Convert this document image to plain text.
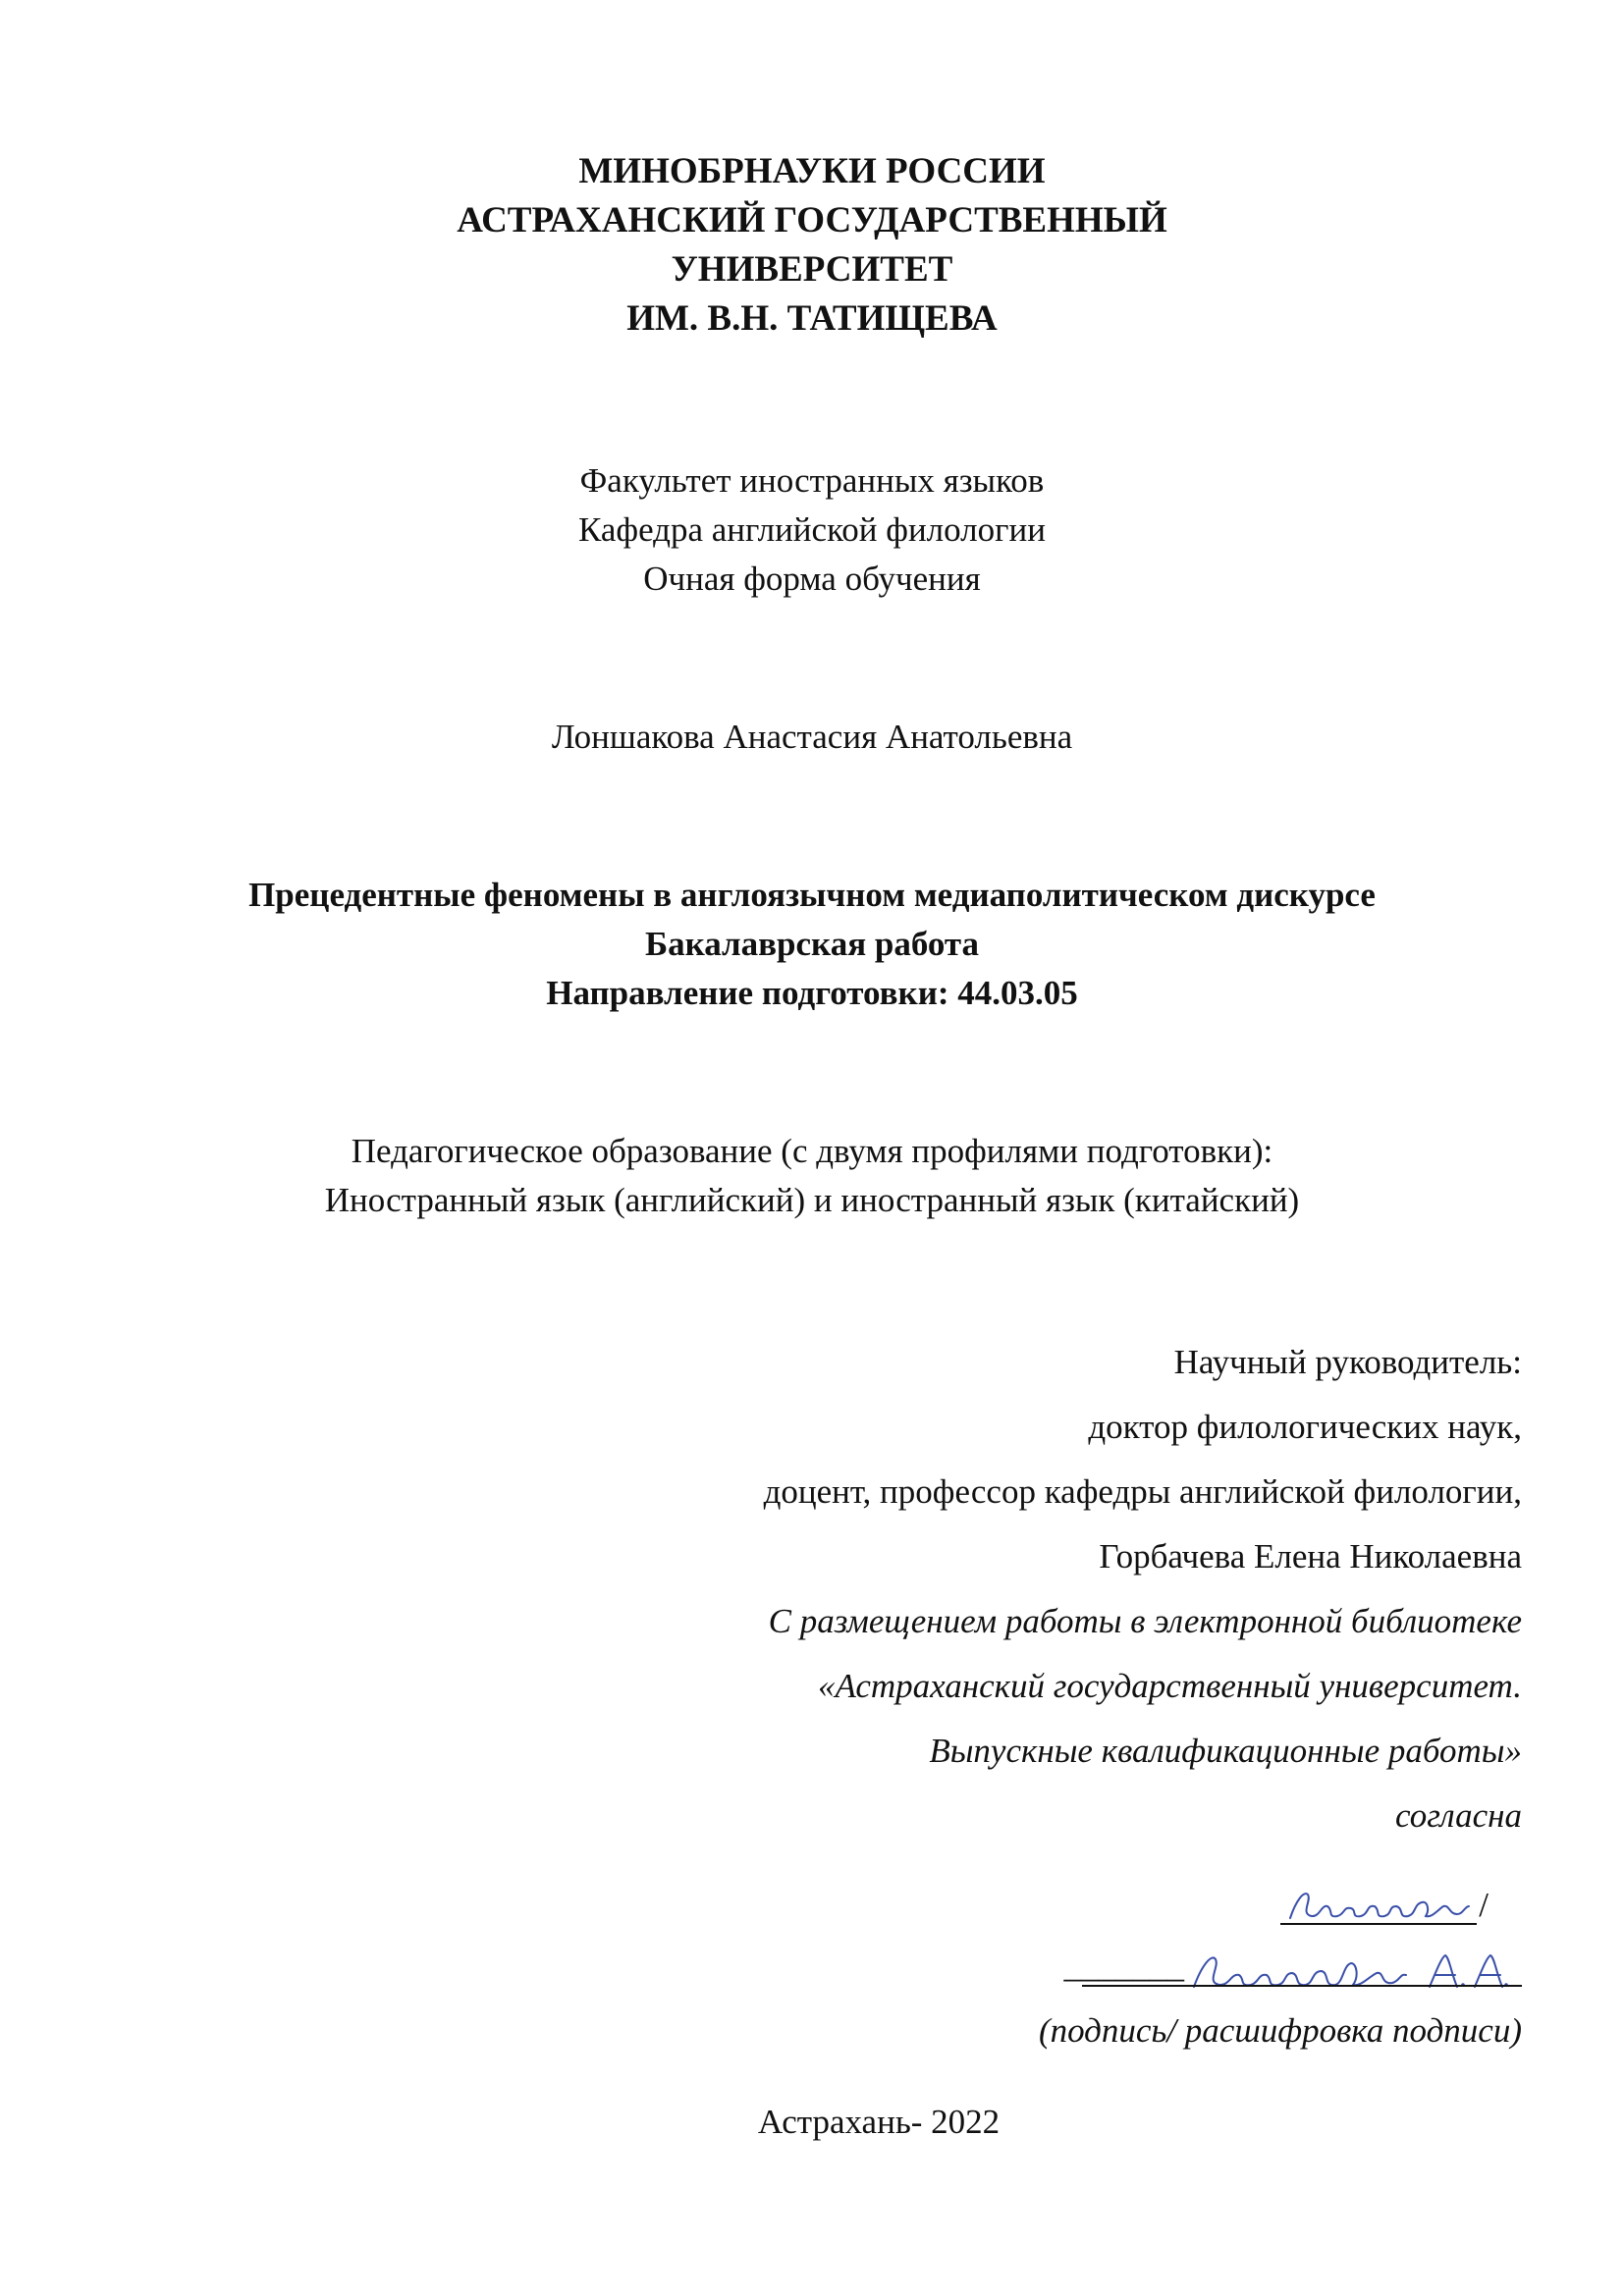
МИНОБРНАУКИ РОССИИ
АСТРАХАНСКИЙ ГОСУДАРСТВЕННЫЙ
УНИВЕРСИТЕТ
ИМ. В.Н. ТАТИЩЕВА
Факультет иностранных языков
Кафедра английской филологии
Очная форма обучения
Лоншакова Анастасия Анатольевна
Прецедентные феномены в англоязычном медиаполитическом дискурсе
Бакалаврская работа
Направление подготовки: 44.03.05
Педагогическое образование (с двумя профилями подготовки):
Иностранный язык (английский) и иностранный язык (китайский)
Научный руководитель:
доктор филологических наук,
доцент, профессор кафедры английской филологии,
Горбачева Елена Николаевна
С размещением работы в электронной библиотеке
«Астраханский государственный университет.
Выпускные квалификационные работы»
согласна
/
_______
(подпись/ расшифровка подписи)
Астрахань- 2022
